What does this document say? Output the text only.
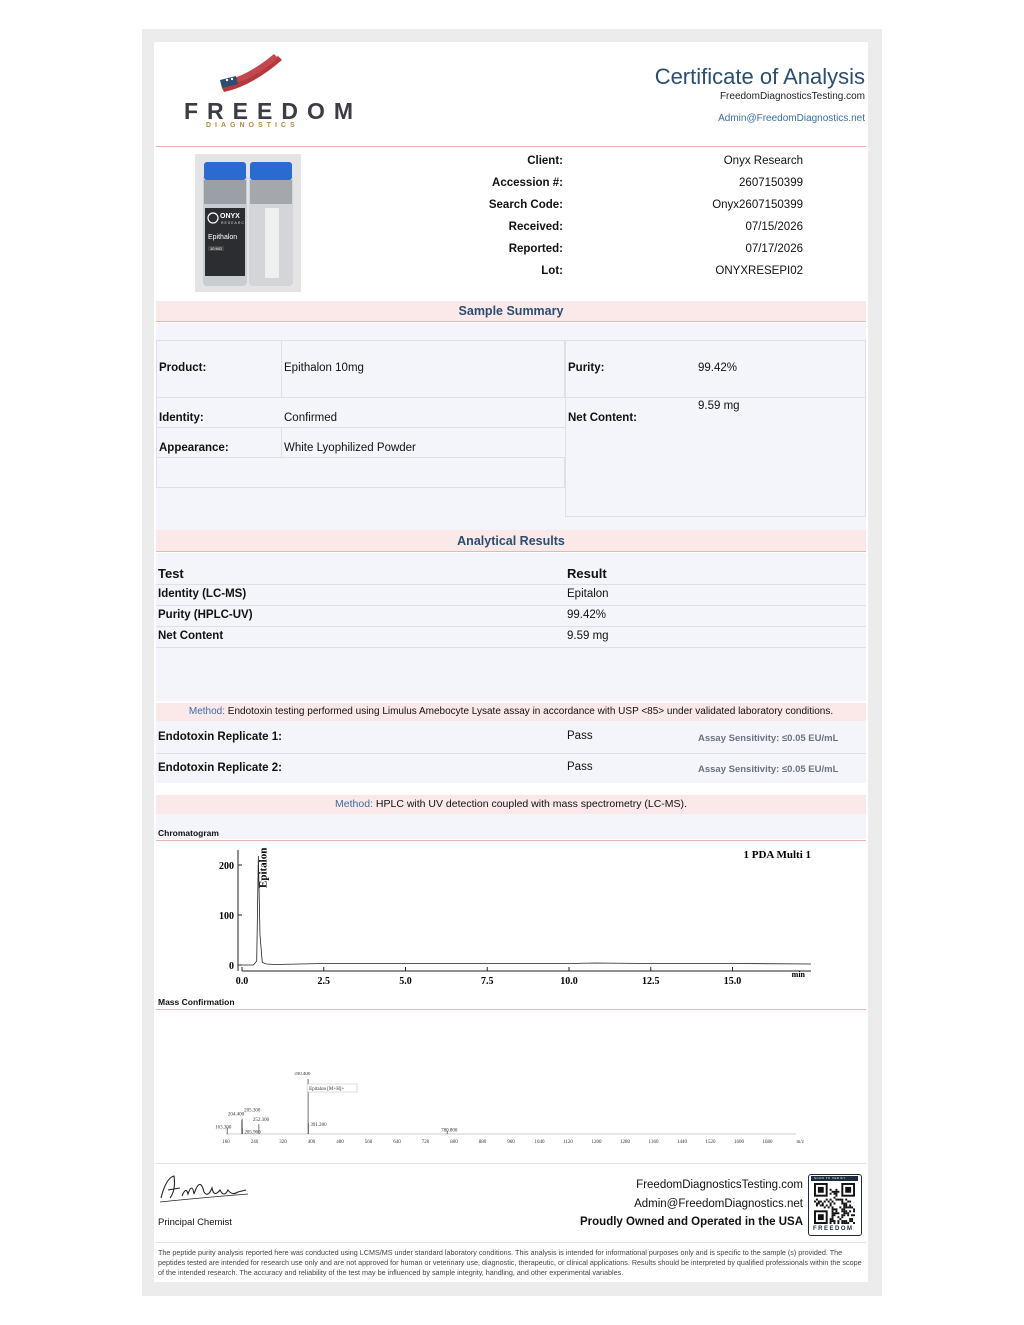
FREEDOM
DIAGNOSTICS
Certificate of Analysis
FreedomDiagnosticsTesting.com
Admin@FreedomDiagnostics.net
ONYX
RESEARCH
Epithalon
10 MG
Client:	Onyx Research
Accession #:	2607150399
Search Code:	Onyx2607150399
Received:	07/15/2026
Reported:	07/17/2026
Lot:	ONYXRESEPI02
Sample Summary
Product:	Epithalon 10mg	Purity:	99.42%
Identity:	Confirmed	Net Content:
9.59 mg
Appearance:	White Lyophilized Powder
Analytical Results
Test	Result
Identity (LC-MS)	Epitalon
Purity (HPLC-UV)	99.42%
Net Content	9.59 mg
Method: Endotoxin testing performed using Limulus Amebocyte Lysate assay in accordance with USP <85> under validated laboratory conditions.
Endotoxin Replicate 1:	Pass	Assay Sensitivity: ≤0.05 EU/mL
Endotoxin Replicate 2:	Pass	Assay Sensitivity: ≤0.05 EU/mL
Method: HPLC with UV detection coupled with mass spectrometry (LC-MS).
Chromatogram
0.0	2.5	5.0	7.5	10.0	12.5	15.0
0
100
200
min
1 PDA Multi 1
Epitalon
Mass Confirmation
160	240	320	400	480	560	640	720	800	880	960	1040	1120	1200	1280	1360	1440	1520	1600	1680	m/z
163.300
204.400
205.300
205.900
252.300
390.400
391.200
780.800
Epitalon [M+H]+
Principal Chemist
FreedomDiagnosticsTesting.com
Admin@FreedomDiagnostics.net
Proudly Owned and Operated in the USA
SCAN TO VERIFY
FREEDOM
The peptide purity analysis reported here was conducted using LCMS/MS under standard laboratory conditions. This analysis is intended for informational purposes only and is specific to the sample (s) provided. The peptides tested are intended for research use only and are not approved for human or veterinary use, diagnostic, therapeutic, or clinical applications. Results should be interpreted by qualified professionals within the scope of the intended research. The accuracy and reliability of the test may be influenced by sample integrity, handling, and other experimental variables.
